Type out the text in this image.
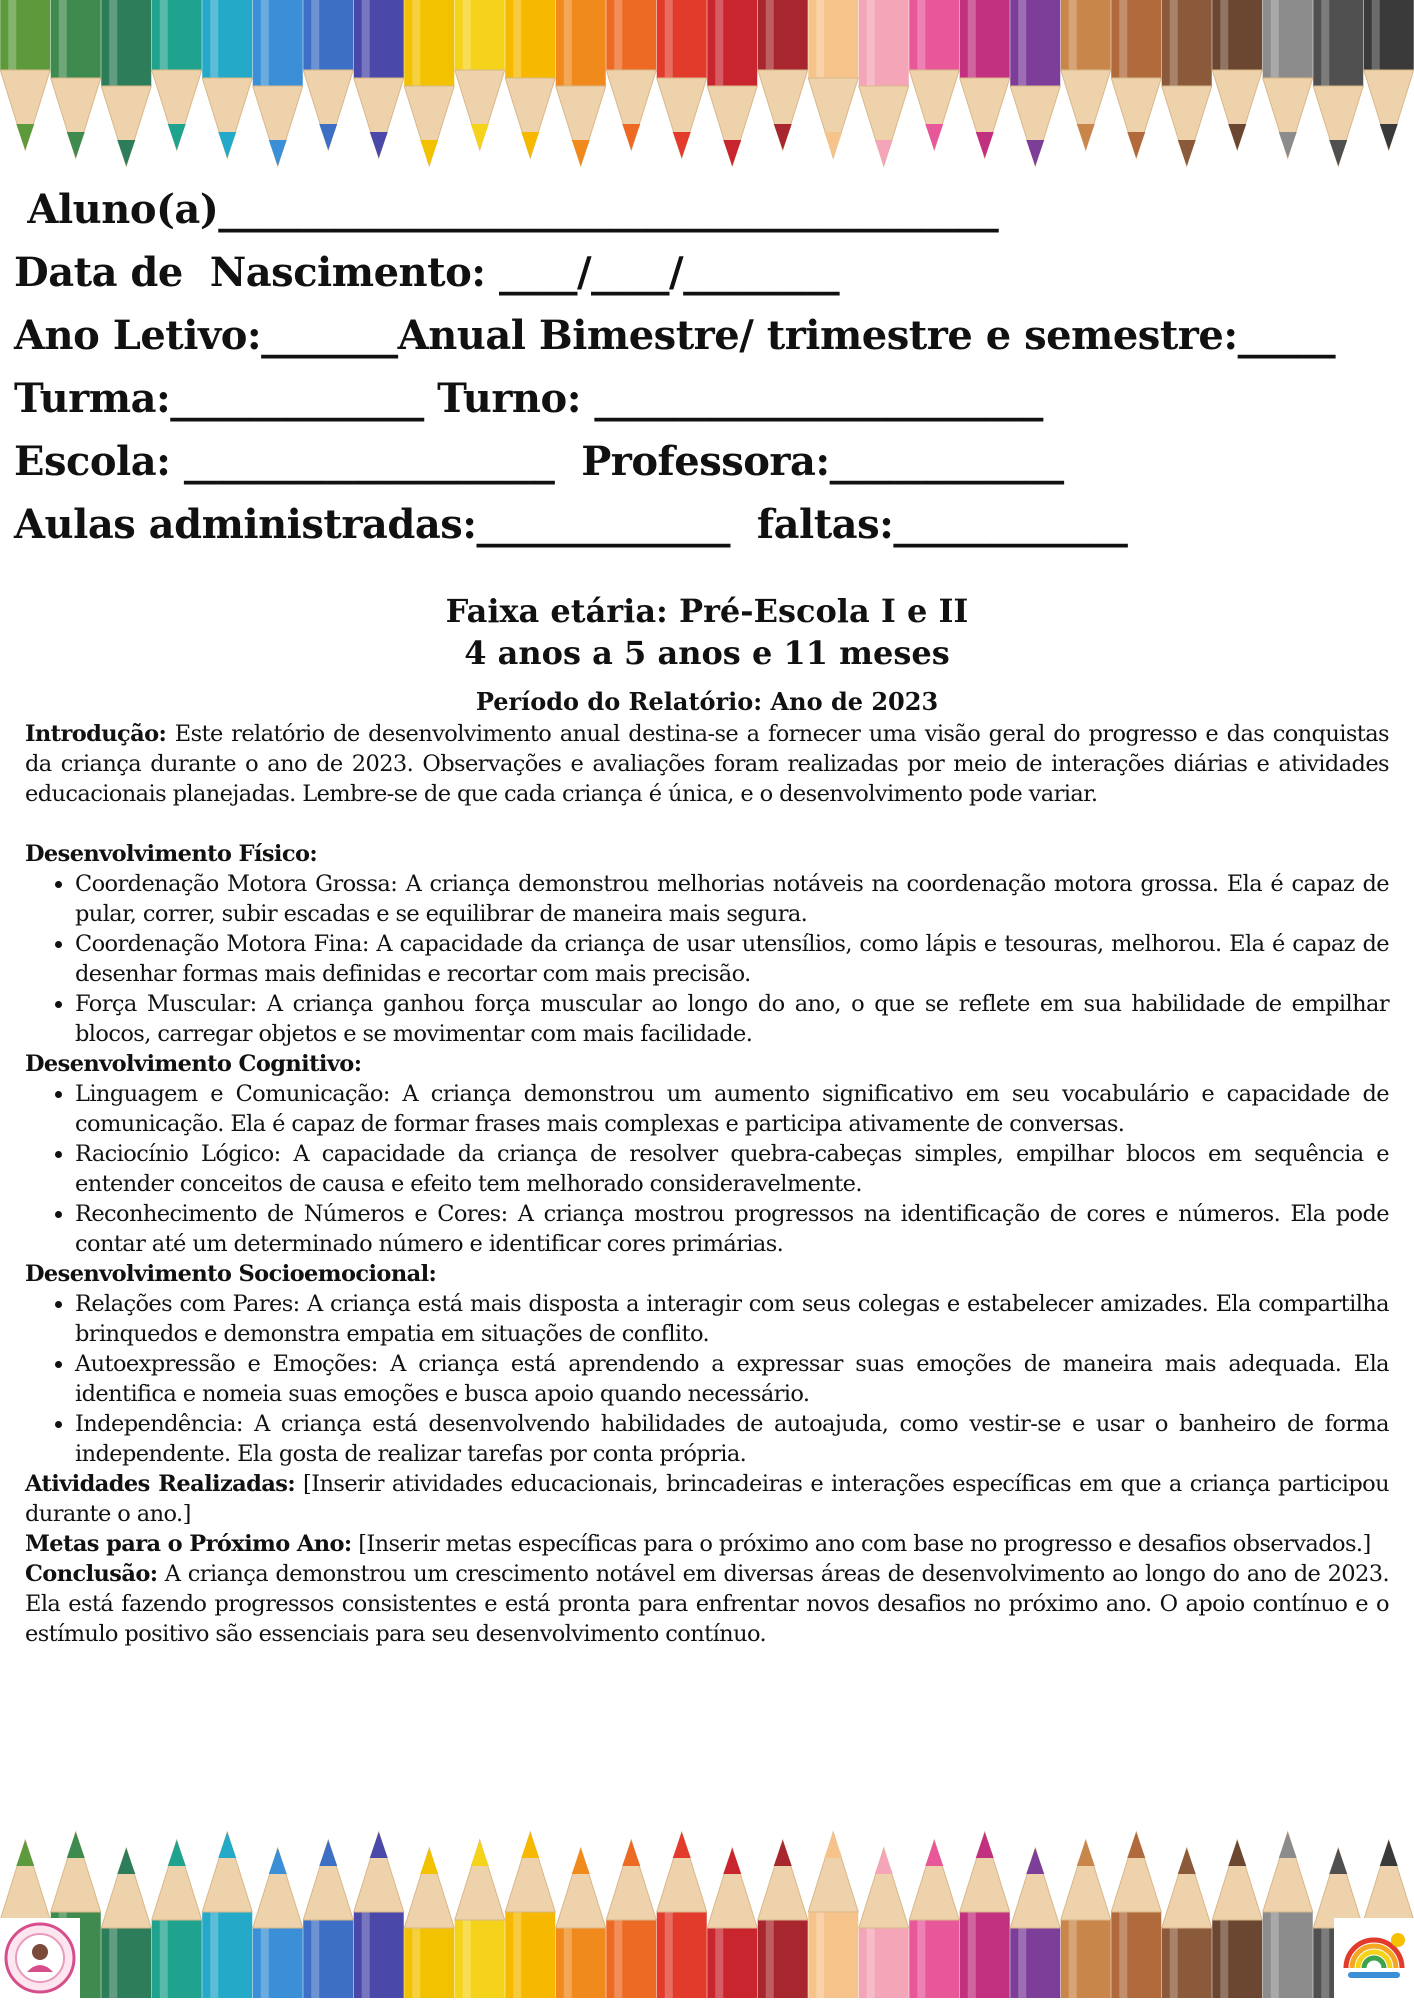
Aluno(a)________________________________________
Data de  Nascimento: ____/____/________
Ano Letivo:_______Anual Bimestre/ trimestre e semestre:_____
Turma:_____________ Turno: _______________________
Escola: ___________________  Professora:____________
Aulas administradas:_____________  faltas:____________
Faixa etária: Pré-Escola I e II
4 anos a 5 anos e 11 meses
Período do Relatório: Ano de 2023

Introdução: Este relatório de desenvolvimento anual destina-se a fornecer uma visão geral do progresso e das conquistas da criança durante o ano de 2023. Observações e avaliações foram realizadas por meio de interações diárias e atividades educacionais planejadas. Lembre-se de que cada criança é única, e o desenvolvimento pode variar.

Desenvolvimento Físico:
• Coordenação Motora Grossa: A criança demonstrou melhorias notáveis na coordenação motora grossa. Ela é capaz de pular, correr, subir escadas e se equilibrar de maneira mais segura.
• Coordenação Motora Fina: A capacidade da criança de usar utensílios, como lápis e tesouras, melhorou. Ela é capaz de desenhar formas mais definidas e recortar com mais precisão.
• Força Muscular: A criança ganhou força muscular ao longo do ano, o que se reflete em sua habilidade de empilhar blocos, carregar objetos e se movimentar com mais facilidade.
Desenvolvimento Cognitivo:
• Linguagem e Comunicação: A criança demonstrou um aumento significativo em seu vocabulário e capacidade de comunicação. Ela é capaz de formar frases mais complexas e participa ativamente de conversas.
• Raciocínio Lógico: A capacidade da criança de resolver quebra-cabeças simples, empilhar blocos em sequência e entender conceitos de causa e efeito tem melhorado consideravelmente.
• Reconhecimento de Números e Cores: A criança mostrou progressos na identificação de cores e números. Ela pode contar até um determinado número e identificar cores primárias.
Desenvolvimento Socioemocional:
• Relações com Pares: A criança está mais disposta a interagir com seus colegas e estabelecer amizades. Ela compartilha brinquedos e demonstra empatia em situações de conflito.
• Autoexpressão e Emoções: A criança está aprendendo a expressar suas emoções de maneira mais adequada. Ela identifica e nomeia suas emoções e busca apoio quando necessário.
• Independência: A criança está desenvolvendo habilidades de autoajuda, como vestir-se e usar o banheiro de forma independente. Ela gosta de realizar tarefas por conta própria.

Atividades Realizadas: [Inserir atividades educacionais, brincadeiras e interações específicas em que a criança participou durante o ano.]

Metas para o Próximo Ano: [Inserir metas específicas para o próximo ano com base no progresso e desafios observados.]

Conclusão: A criança demonstrou um crescimento notável em diversas áreas de desenvolvimento ao longo do ano de 2023. Ela está fazendo progressos consistentes e está pronta para enfrentar novos desafios no próximo ano. O apoio contínuo e o estímulo positivo são essenciais para seu desenvolvimento contínuo.
